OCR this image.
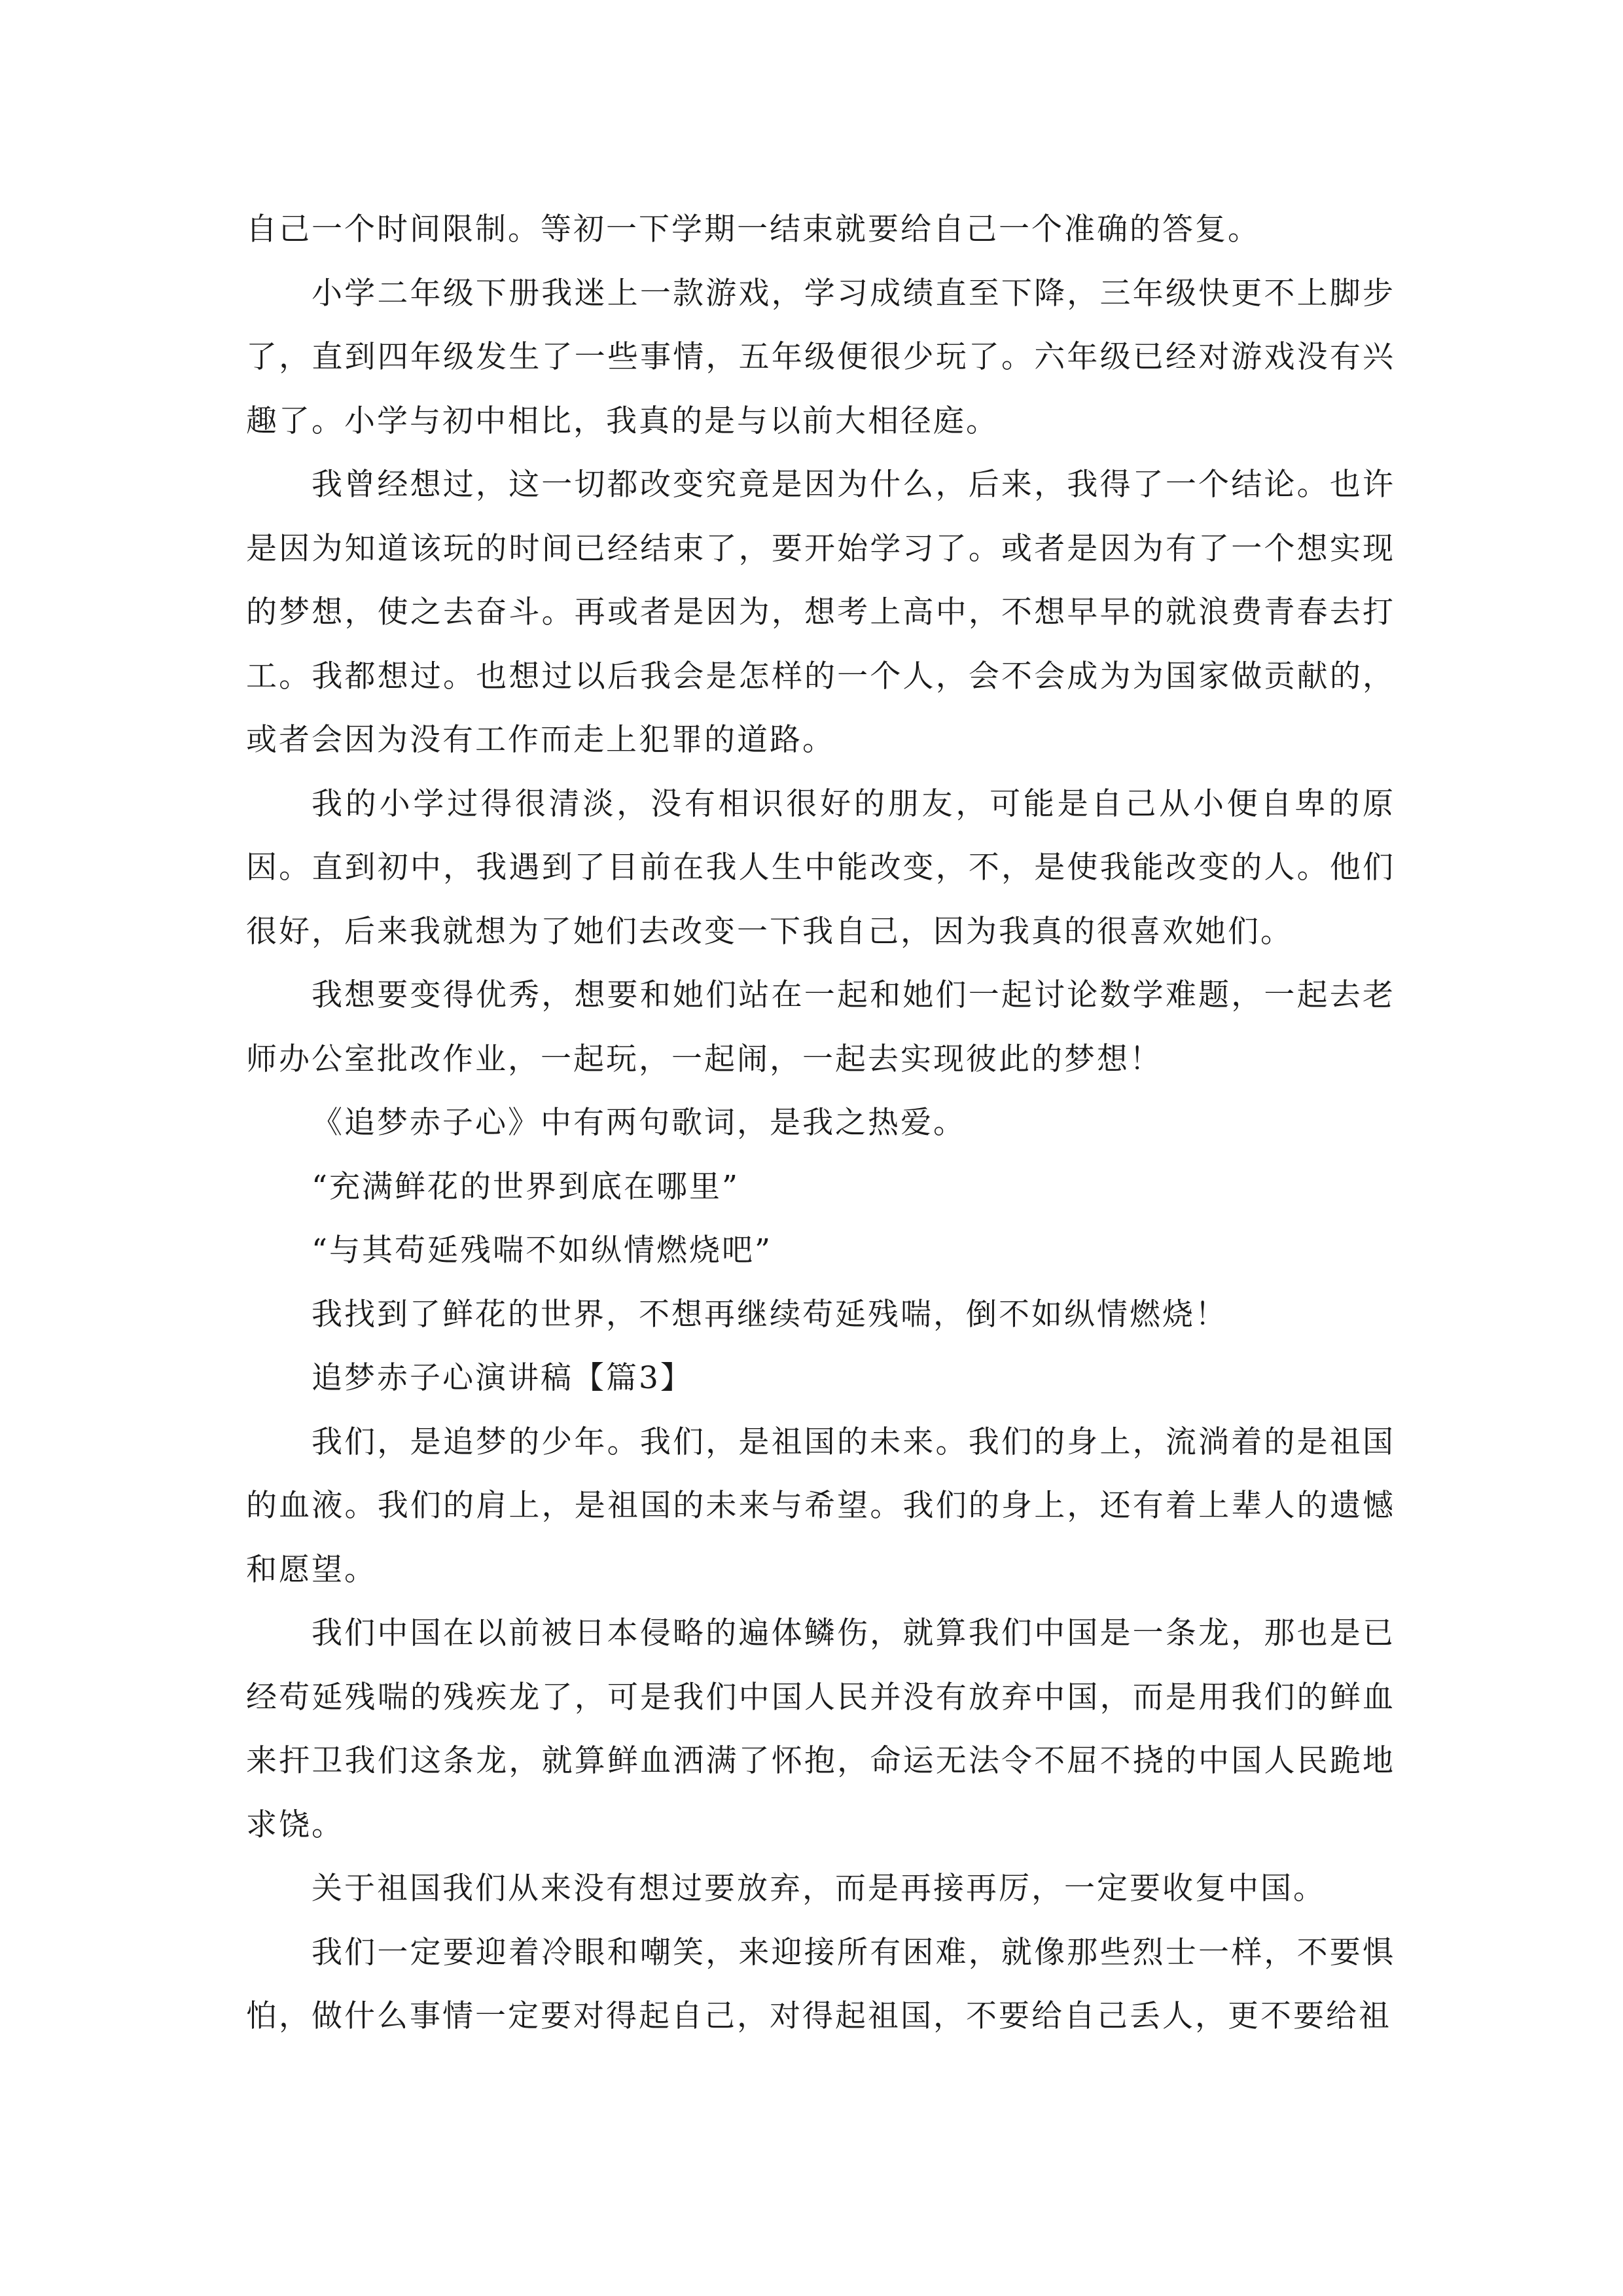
自己一个时间限制。等初一下学期一结束就要给自己一个准确的答复。

小学二年级下册我迷上一款游戏，学习成绩直至下降，三年级快更不上脚步了，直到四年级发生了一些事情，五年级便很少玩了。六年级已经对游戏没有兴趣了。小学与初中相比，我真的是与以前大相径庭。

我曾经想过，这一切都改变究竟是因为什么，后来，我得了一个结论。也许是因为知道该玩的时间已经结束了，要开始学习了。或者是因为有了一个想实现的梦想，使之去奋斗。再或者是因为，想考上高中，不想早早的就浪费青春去打工。我都想过。也想过以后我会是怎样的一个人，会不会成为为国家做贡献的，或者会因为没有工作而走上犯罪的道路。

我的小学过得很清淡，没有相识很好的朋友，可能是自己从小便自卑的原因。直到初中，我遇到了目前在我人生中能改变，不，是使我能改变的人。他们很好，后来我就想为了她们去改变一下我自己，因为我真的很喜欢她们。

我想要变得优秀，想要和她们站在一起和她们一起讨论数学难题，一起去老师办公室批改作业，一起玩，一起闹，一起去实现彼此的梦想！

《追梦赤子心》中有两句歌词，是我之热爱。

“充满鲜花的世界到底在哪里”

“与其苟延残喘不如纵情燃烧吧”

我找到了鲜花的世界，不想再继续苟延残喘，倒不如纵情燃烧！

追梦赤子心演讲稿【篇3】

我们，是追梦的少年。我们，是祖国的未来。我们的身上，流淌着的是祖国的血液。我们的肩上，是祖国的未来与希望。我们的身上，还有着上辈人的遗憾和愿望。

我们中国在以前被日本侵略的遍体鳞伤，就算我们中国是一条龙，那也是已经苟延残喘的残疾龙了，可是我们中国人民并没有放弃中国，而是用我们的鲜血来扞卫我们这条龙，就算鲜血洒满了怀抱，命运无法令不屈不挠的中国人民跪地求饶。

关于祖国我们从来没有想过要放弃，而是再接再厉，一定要收复中国。

我们一定要迎着冷眼和嘲笑，来迎接所有困难，就像那些烈士一样，不要惧怕，做什么事情一定要对得起自己，对得起祖国，不要给自己丢人，更不要给祖
